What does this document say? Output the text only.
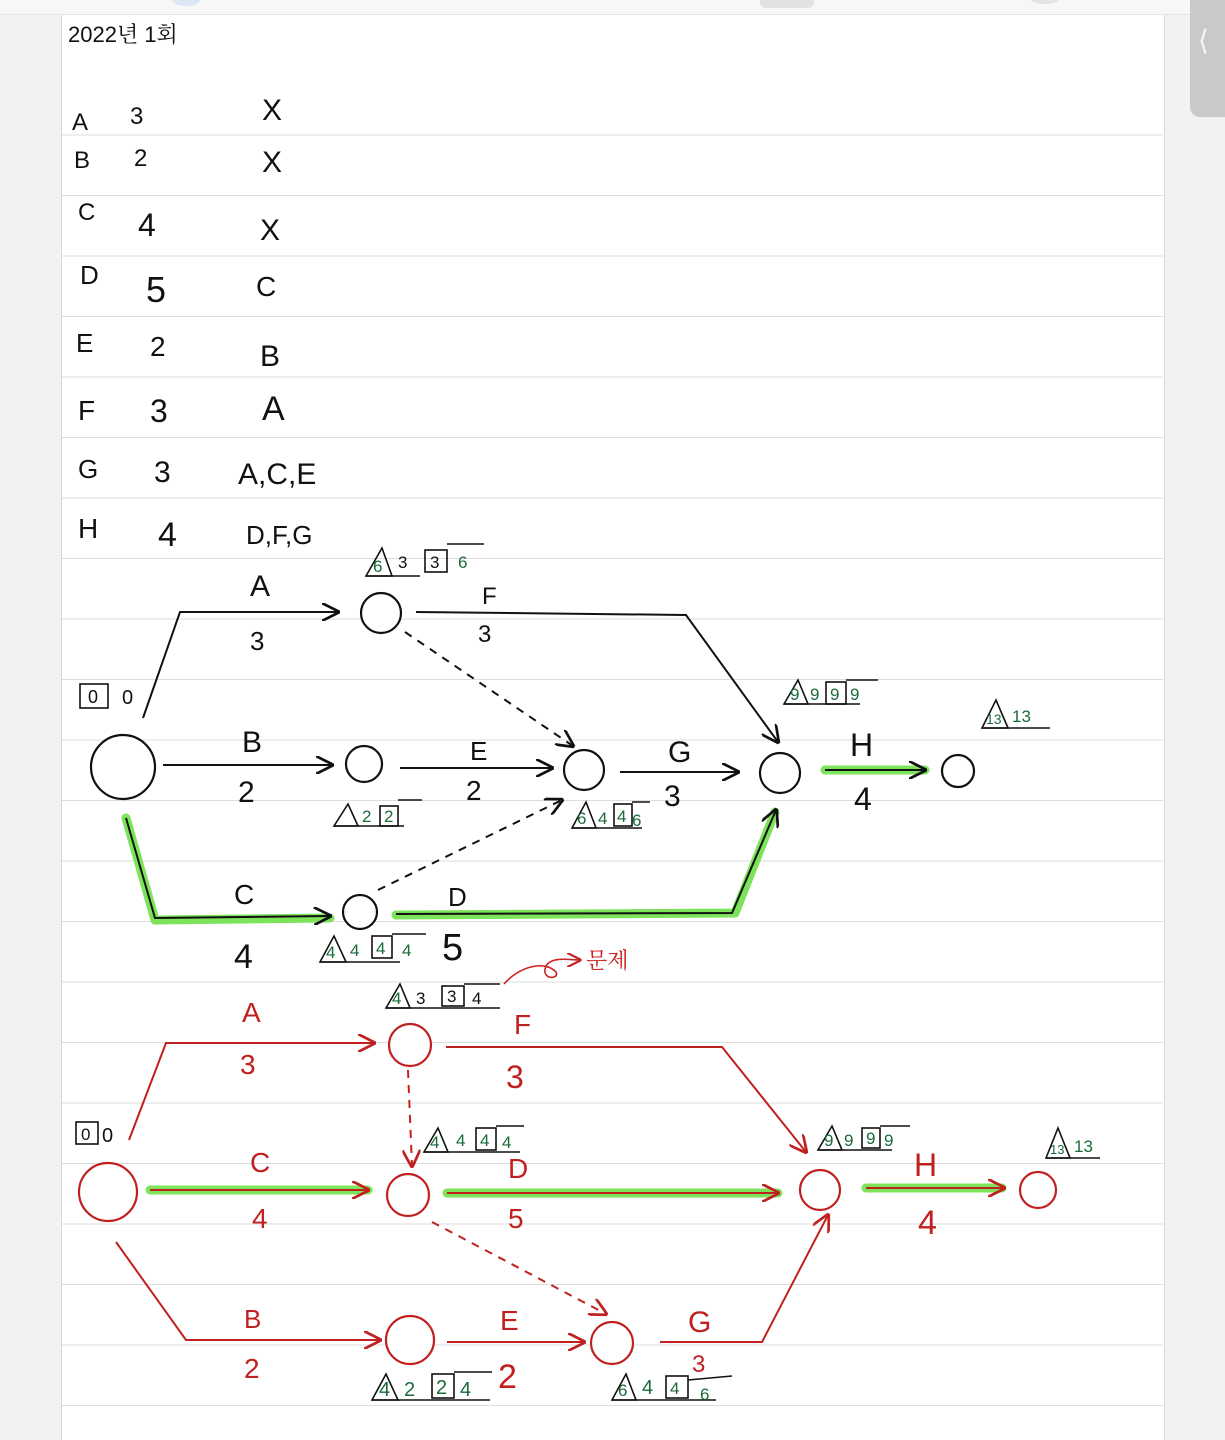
⟨
2022년 1회
A 3	X
B 2	X
C 4	X
D 5	C
E 2	B
F 3	A
G 3 A,C,E
H 4	D,F,G
A
3
F
3
B
2
E
2
G
3
H
4
C
4
D
5
0 0
6 3 3 6
2 2	6 4 4 6
9 9 9 9
13 13
4 4 4 4
A
3
F
3
C
4
D
5
H
4
B
2
E
2
G
3
문제
0 0
4 3 3 4
4 4 4 4	9 9 9 9	13 13
4 2 2 4	6 4 4 6
